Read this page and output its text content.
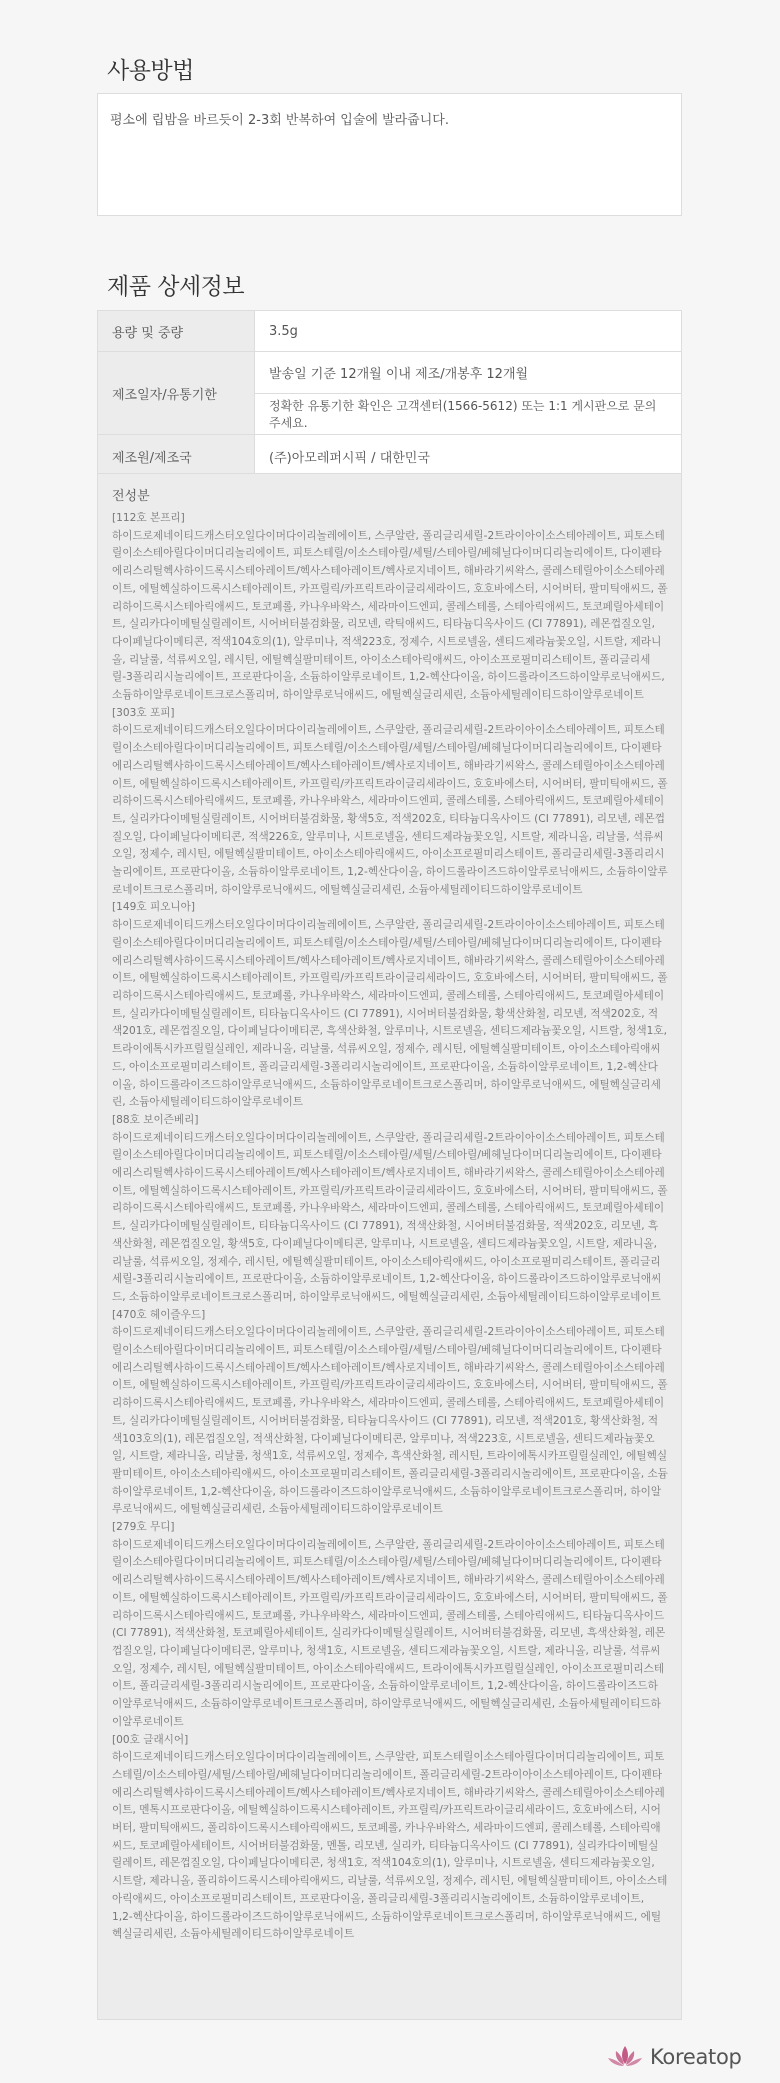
사용방법
평소에 립밤을 바르듯이 2-3회 반복하여 입술에 발라줍니다.
제품 상세정보
용량 및 중량	3.5g
제조일자/유통기한	발송일 기준 12개월 이내 제조/개봉후 12개월
	정확한 유통기한 확인은 고객센터(1566-5612) 또는 1:1 게시판으로 문의주세요.
제조원/제조국	(주)아모레퍼시픽 / 대한민국
전성분
[112호 본프리]
하이드로제네이티드캐스터오일다이머다이리놀레에이트, 스쿠알란, 폴리글리세릴-2트라이아이소스테아레이트, 피토스테릴이소스테아릴다이머디리놀리에이트, 피토스테릴/이소스테아릴/세틸/스테아릴/베헤닐다이머디리놀리에이트, 다이펜타에리스리틸헥사하이드록시스테아레이트/헥사스테아레이트/헥사로지네이트, 해바라기씨왁스, 콜레스테릴아이소스테아레이트, 에틸헥실하이드록시스테아레이트, 카프릴릭/카프릭트라이글리세라이드, 호호바에스터, 시어버터, 팔미틱애씨드, 폴리하이드록시스테아릭애씨드, 토코페롤, 카나우바왁스, 세라마이드엔피, 콜레스테롤, 스테아릭애씨드, 토코페릴아세테이트, 실리카다이메틸실릴레이트, 시어버터불검화물, 리모넨, 락틱애씨드, 티타늄디옥사이드 (CI 77891), 레몬껍질오일, 다이페닐다이메티콘, 적색104호의(1), 알루미나, 적색223호, 정제수, 시트로넬올, 센티드제라늄꽃오일, 시트랄, 제라니올, 리날룰, 석류씨오일, 레시틴, 에틸헥실팔미테이트, 아이소스테아릭애씨드, 아이소프로필미리스테이트, 폴리글리세릴-3폴리리시놀리에이트, 프로판다이올, 소듐하이알루로네이트, 1,2-헥산다이올, 하이드롤라이즈드하이알루로닉애씨드, 소듐하이알루로네이트크로스폴리머, 하이알루로닉애씨드, 에틸헥실글리세린, 소듐아세틸레이티드하이알루로네이트
[303호 포피]
하이드로제네이티드캐스터오일다이머다이리놀레에이트, 스쿠알란, 폴리글리세릴-2트라이아이소스테아레이트, 피토스테릴이소스테아릴다이머디리놀리에이트, 피토스테릴/이소스테아릴/세틸/스테아릴/베헤닐다이머디리놀리에이트, 다이펜타에리스리틸헥사하이드록시스테아레이트/헥사스테아레이트/헥사로지네이트, 해바라기씨왁스, 콜레스테릴아이소스테아레이트, 에틸헥실하이드록시스테아레이트, 카프릴릭/카프릭트라이글리세라이드, 호호바에스터, 시어버터, 팔미틱애씨드, 폴리하이드록시스테아릭애씨드, 토코페롤, 카나우바왁스, 세라마이드엔피, 콜레스테롤, 스테아릭애씨드, 토코페릴아세테이트, 실리카다이메틸실릴레이트, 시어버터불검화물, 황색5호, 적색202호, 티타늄디옥사이드 (CI 77891), 리모넨, 레몬껍질오일, 다이페닐다이메티콘, 적색226호, 알루미나, 시트로넬올, 센티드제라늄꽃오일, 시트랄, 제라니올, 리날룰, 석류씨오일, 정제수, 레시틴, 에틸헥실팔미테이트, 아이소스테아릭애씨드, 아이소프로필미리스테이트, 폴리글리세릴-3폴리리시놀리에이트, 프로판다이올, 소듐하이알루로네이트, 1,2-헥산다이올, 하이드롤라이즈드하이알루로닉애씨드, 소듐하이알루로네이트크로스폴리머, 하이알루로닉애씨드, 에틸헥실글리세린, 소듐아세틸레이티드하이알루로네이트
[149호 피오니아]
하이드로제네이티드캐스터오일다이머다이리놀레에이트, 스쿠알란, 폴리글리세릴-2트라이아이소스테아레이트, 피토스테릴이소스테아릴다이머디리놀리에이트, 피토스테릴/이소스테아릴/세틸/스테아릴/베헤닐다이머디리놀리에이트, 다이펜타에리스리틸헥사하이드록시스테아레이트/헥사스테아레이트/헥사로지네이트, 해바라기씨왁스, 콜레스테릴아이소스테아레이트, 에틸헥실하이드록시스테아레이트, 카프릴릭/카프릭트라이글리세라이드, 호호바에스터, 시어버터, 팔미틱애씨드, 폴리하이드록시스테아릭애씨드, 토코페롤, 카나우바왁스, 세라마이드엔피, 콜레스테롤, 스테아릭애씨드, 토코페릴아세테이트, 실리카다이메틸실릴레이트, 티타늄디옥사이드 (CI 77891), 시어버터불검화물, 황색산화철, 리모넨, 적색202호, 적색201호, 레몬껍질오일, 다이페닐다이메티콘, 흑색산화철, 알루미나, 시트로넬올, 센티드제라늄꽃오일, 시트랄, 청색1호, 트라이에톡시카프릴릴실레인, 제라니올, 리날룰, 석류씨오일, 정제수, 레시틴, 에틸헥실팔미테이트, 아이소스테아릭애씨드, 아이소프로필미리스테이트, 폴리글리세릴-3폴리리시놀리에이트, 프로판다이올, 소듐하이알루로네이트, 1,2-헥산다이올, 하이드롤라이즈드하이알루로닉애씨드, 소듐하이알루로네이트크로스폴리머, 하이알루로닉애씨드, 에틸헥실글리세린, 소듐아세틸레이티드하이알루로네이트
[88호 보이즌베리]
하이드로제네이티드캐스터오일다이머다이리놀레에이트, 스쿠알란, 폴리글리세릴-2트라이아이소스테아레이트, 피토스테릴이소스테아릴다이머디리놀리에이트, 피토스테릴/이소스테아릴/세틸/스테아릴/베헤닐다이머디리놀리에이트, 다이펜타에리스리틸헥사하이드록시스테아레이트/헥사스테아레이트/헥사로지네이트, 해바라기씨왁스, 콜레스테릴아이소스테아레이트, 에틸헥실하이드록시스테아레이트, 카프릴릭/카프릭트라이글리세라이드, 호호바에스터, 시어버터, 팔미틱애씨드, 폴리하이드록시스테아릭애씨드, 토코페롤, 카나우바왁스, 세라마이드엔피, 콜레스테롤, 스테아릭애씨드, 토코페릴아세테이트, 실리카다이메틸실릴레이트, 티타늄디옥사이드 (CI 77891), 적색산화철, 시어버터불검화물, 적색202호, 리모넨, 흑색산화철, 레몬껍질오일, 황색5호, 다이페닐다이메티콘, 알루미나, 시트로넬올, 센티드제라늄꽃오일, 시트랄, 제라니올, 리날룰, 석류씨오일, 정제수, 레시틴, 에틸헥실팔미테이트, 아이소스테아릭애씨드, 아이소프로필미리스테이트, 폴리글리세릴-3폴리리시놀리에이트, 프로판다이올, 소듐하이알루로네이트, 1,2-헥산다이올, 하이드롤라이즈드하이알루로닉애씨드, 소듐하이알루로네이트크로스폴리머, 하이알루로닉애씨드, 에틸헥실글리세린, 소듐아세틸레이티드하이알루로네이트
[470호 헤이즐우드]
하이드로제네이티드캐스터오일다이머다이리놀레에이트, 스쿠알란, 폴리글리세릴-2트라이아이소스테아레이트, 피토스테릴이소스테아릴다이머디리놀리에이트, 피토스테릴/이소스테아릴/세틸/스테아릴/베헤닐다이머디리놀리에이트, 다이펜타에리스리틸헥사하이드록시스테아레이트/헥사스테아레이트/헥사로지네이트, 해바라기씨왁스, 콜레스테릴아이소스테아레이트, 에틸헥실하이드록시스테아레이트, 카프릴릭/카프릭트라이글리세라이드, 호호바에스터, 시어버터, 팔미틱애씨드, 폴리하이드록시스테아릭애씨드, 토코페롤, 카나우바왁스, 세라마이드엔피, 콜레스테롤, 스테아릭애씨드, 토코페릴아세테이트, 실리카다이메틸실릴레이트, 시어버터불검화물, 티타늄디옥사이드 (CI 77891), 리모넨, 적색201호, 황색산화철, 적색103호의(1), 레몬껍질오일, 적색산화철, 다이페닐다이메티콘, 알루미나, 적색223호, 시트로넬올, 센티드제라늄꽃오일, 시트랄, 제라니올, 리날룰, 청색1호, 석류씨오일, 정제수, 흑색산화철, 레시틴, 트라이에톡시카프릴릴실레인, 에틸헥실팔미테이트, 아이소스테아릭애씨드, 아이소프로필미리스테이트, 폴리글리세릴-3폴리리시놀리에이트, 프로판다이올, 소듐하이알루로네이트, 1,2-헥산다이올, 하이드롤라이즈드하이알루로닉애씨드, 소듐하이알루로네이트크로스폴리머, 하이알루로닉애씨드, 에틸헥실글리세린, 소듐아세틸레이티드하이알루로네이트
[279호 무디]
하이드로제네이티드캐스터오일다이머다이리놀레에이트, 스쿠알란, 폴리글리세릴-2트라이아이소스테아레이트, 피토스테릴이소스테아릴다이머디리놀리에이트, 피토스테릴/이소스테아릴/세틸/스테아릴/베헤닐다이머디리놀리에이트, 다이펜타에리스리틸헥사하이드록시스테아레이트/헥사스테아레이트/헥사로지네이트, 해바라기씨왁스, 콜레스테릴아이소스테아레이트, 에틸헥실하이드록시스테아레이트, 카프릴릭/카프릭트라이글리세라이드, 호호바에스터, 시어버터, 팔미틱애씨드, 폴리하이드록시스테아릭애씨드, 토코페롤, 카나우바왁스, 세라마이드엔피, 콜레스테롤, 스테아릭애씨드, 티타늄디옥사이드 (CI 77891), 적색산화철, 토코페릴아세테이트, 실리카다이메틸실릴레이트, 시어버터불검화물, 리모넨, 흑색산화철, 레몬껍질오일, 다이페닐다이메티콘, 알루미나, 청색1호, 시트로넬올, 센티드제라늄꽃오일, 시트랄, 제라니올, 리날룰, 석류씨오일, 정제수, 레시틴, 에틸헥실팔미테이트, 아이소스테아릭애씨드, 트라이에톡시카프릴릴실레인, 아이소프로필미리스테이트, 폴리글리세릴-3폴리리시놀리에이트, 프로판다이올, 소듐하이알루로네이트, 1,2-헥산다이올, 하이드롤라이즈드하이알루로닉애씨드, 소듐하이알루로네이트크로스폴리머, 하이알루로닉애씨드, 에틸헥실글리세린, 소듐아세틸레이티드하이알루로네이트
[00호 글래시어]
하이드로제네이티드캐스터오일다이머다이리놀레에이트, 스쿠알란, 피토스테릴이소스테아릴다이머디리놀리에이트, 피토스테릴/이소스테아릴/세틸/스테아릴/베헤닐다이머디리놀리에이트, 폴리글리세릴-2트라이아이소스테아레이트, 다이펜타에리스리틸헥사하이드록시스테아레이트/헥사스테아레이트/헥사로지네이트, 해바라기씨왁스, 콜레스테릴아이소스테아레이트, 멘톡시프로판다이올, 에틸헥실하이드록시스테아레이트, 카프릴릭/카프릭트라이글리세라이드, 호호바에스터, 시어버터, 팔미틱애씨드, 폴리하이드록시스테아릭애씨드, 토코페롤, 카나우바왁스, 세라마이드엔피, 콜레스테롤, 스테아릭애씨드, 토코페릴아세테이트, 시어버터불검화물, 멘톨, 리모넨, 실리카, 티타늄디옥사이드 (CI 77891), 실리카다이메틸실릴레이트, 레몬껍질오일, 다이페닐다이메티콘, 청색1호, 적색104호의(1), 알루미나, 시트로넬올, 센티드제라늄꽃오일, 시트랄, 제라니올, 폴리하이드록시스테아릭애씨드, 리날룰, 석류씨오일, 정제수, 레시틴, 에틸헥실팔미테이트, 아이소스테아릭애씨드, 아이소프로필미리스테이트, 프로판다이올, 폴리글리세릴-3폴리리시놀리에이트, 소듐하이알루로네이트, 1,2-헥산다이올, 하이드롤라이즈드하이알루로닉애씨드, 소듐하이알루로네이트크로스폴리머, 하이알루로닉애씨드, 에틸헥실글리세린, 소듐아세틸레이티드하이알루로네이트
Koreatop
